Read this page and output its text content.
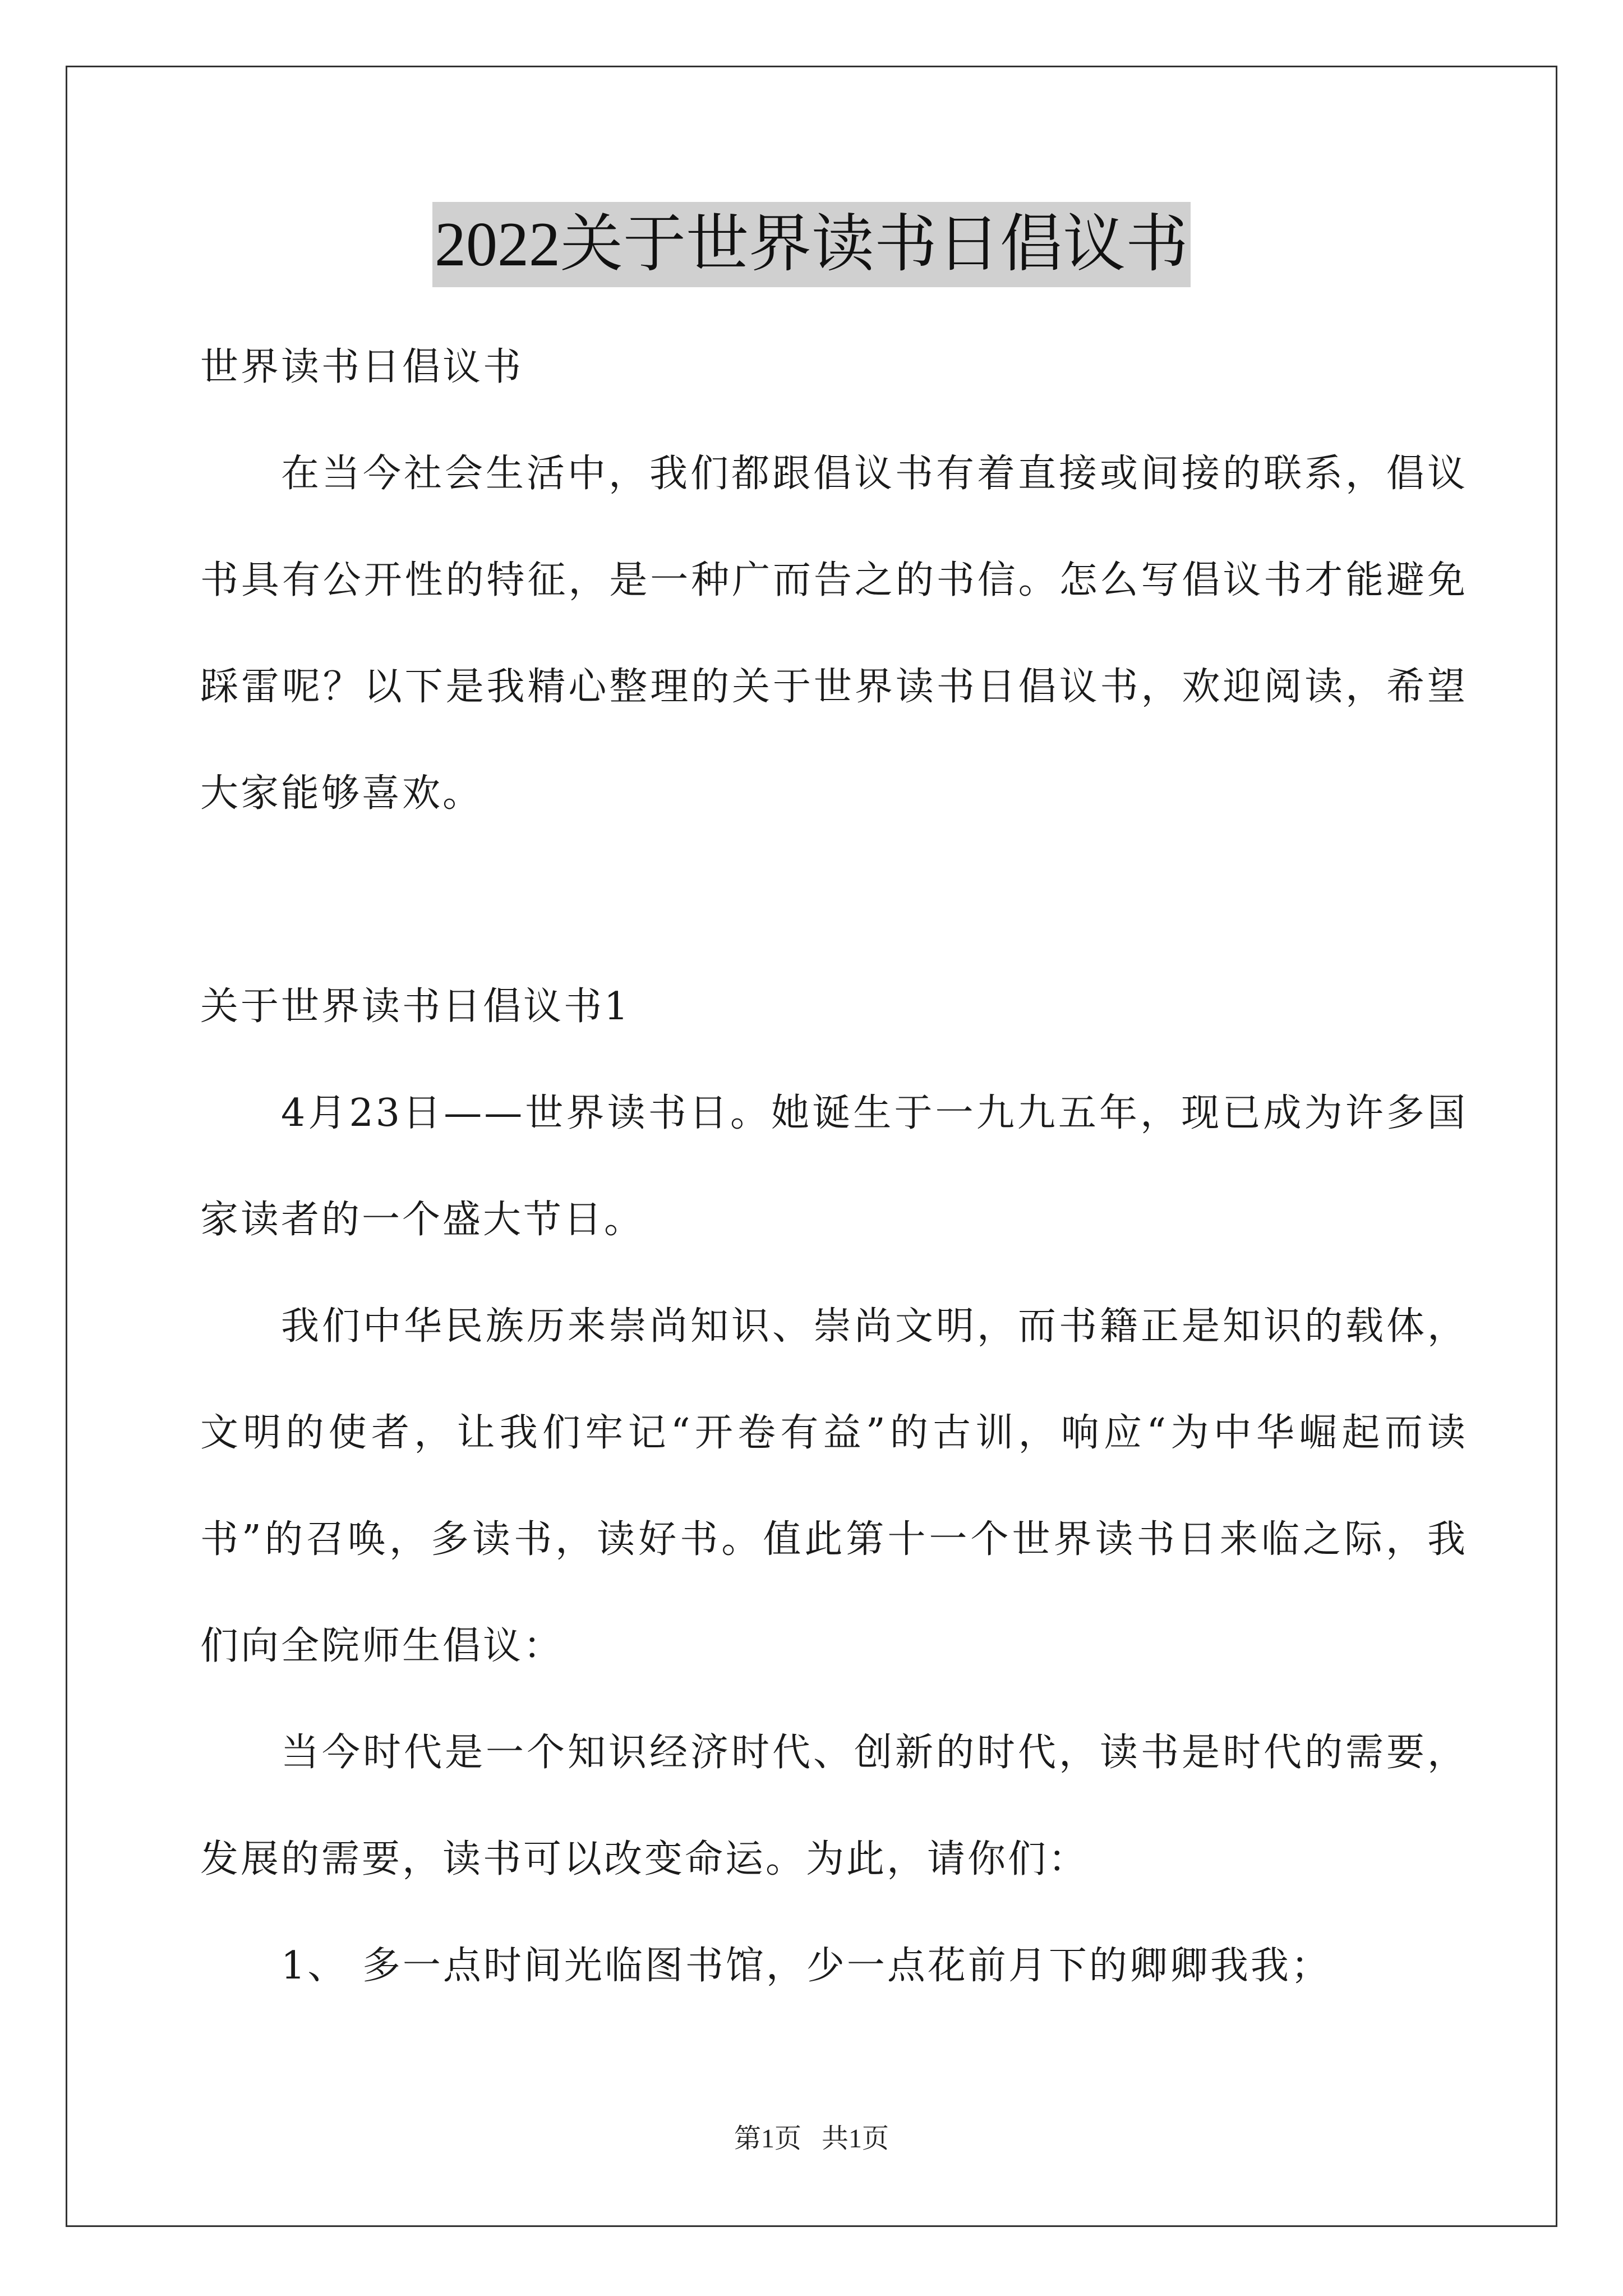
2022关于世界读书日倡议书

世界读书日倡议书

在当今社会生活中，我们都跟倡议书有着直接或间接的联系，倡议书具有公开性的特征，是一种广而告之的书信。怎么写倡议书才能避免踩雷呢？以下是我精心整理的关于世界读书日倡议书，欢迎阅读，希望大家能够喜欢。

关于世界读书日倡议书1

4月23日——世界读书日。她诞生于一九九五年，现已成为许多国家读者的一个盛大节日。

我们中华民族历来崇尚知识、崇尚文明，而书籍正是知识的载体，文明的使者，让我们牢记“开卷有益”的古训，响应“为中华崛起而读书”的召唤，多读书，读好书。值此第十一个世界读书日来临之际，我们向全院师生倡议：

当今时代是一个知识经济时代、创新的时代，读书是时代的需要，发展的需要，读书可以改变命运。为此，请你们：

1、 多一点时间光临图书馆，少一点花前月下的卿卿我我；

第1页   共1页
